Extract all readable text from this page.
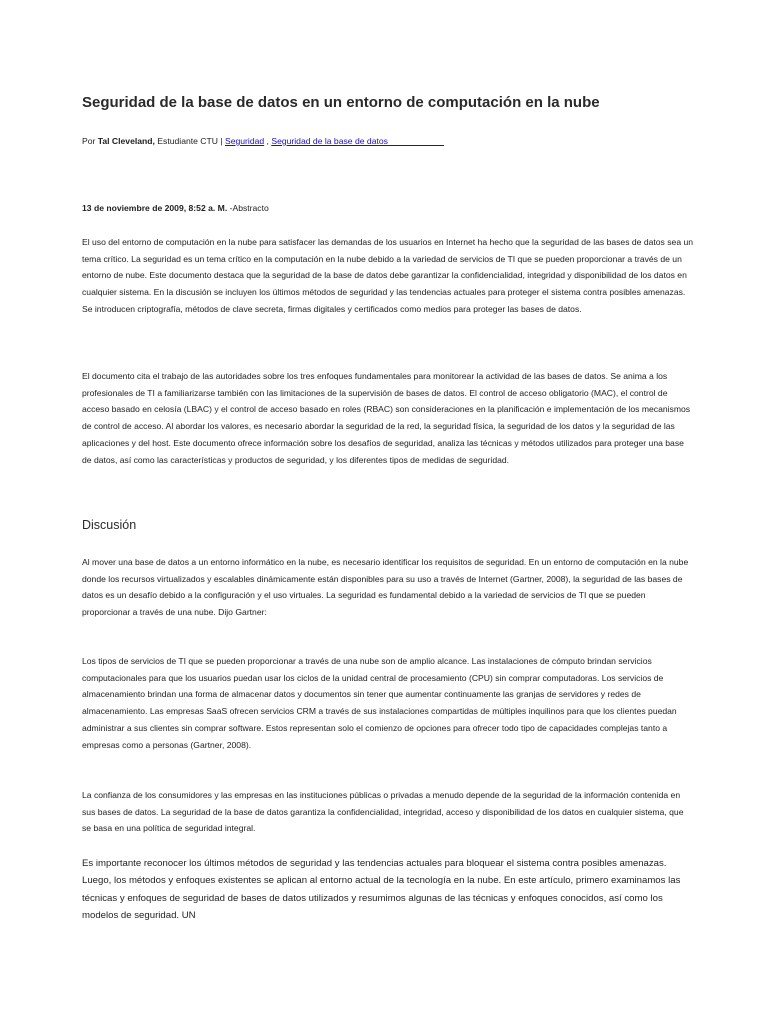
Seguridad de la base de datos en un entorno de computación en la nube
Por Tal Cleveland, Estudiante CTU | Seguridad , Seguridad de la base de datos
13 de noviembre de 2009, 8:52 a. M. -Abstracto

El uso del entorno de computación en la nube para satisfacer las demandas de los usuarios en Internet ha hecho que la seguridad de las bases de datos sea un tema crítico. La seguridad es un tema crítico en la computación en la nube debido a la variedad de servicios de TI que se pueden proporcionar a través de un entorno de nube. Este documento destaca que la seguridad de la base de datos debe garantizar la confidencialidad, integridad y disponibilidad de los datos en cualquier sistema. En la discusión se incluyen los últimos métodos de seguridad y las tendencias actuales para proteger el sistema contra posibles amenazas. Se introducen criptografía, métodos de clave secreta, firmas digitales y certificados como medios para proteger las bases de datos.

El documento cita el trabajo de las autoridades sobre los tres enfoques fundamentales para monitorear la actividad de las bases de datos. Se anima a los profesionales de TI a familiarizarse también con las limitaciones de la supervisión de bases de datos. El control de acceso obligatorio (MAC), el control de acceso basado en celosía (LBAC) y el control de acceso basado en roles (RBAC) son consideraciones en la planificación e implementación de los mecanismos de control de acceso. Al abordar los valores, es necesario abordar la seguridad de la red, la seguridad física, la seguridad de los datos y la seguridad de las aplicaciones y del host. Este documento ofrece información sobre los desafíos de seguridad, analiza las técnicas y métodos utilizados para proteger una base de datos, así como las características y productos de seguridad, y los diferentes tipos de medidas de seguridad.

Discusión

Al mover una base de datos a un entorno informático en la nube, es necesario identificar los requisitos de seguridad. En un entorno de computación en la nube donde los recursos virtualizados y escalables dinámicamente están disponibles para su uso a través de Internet (Gartner, 2008), la seguridad de las bases de datos es un desafío debido a la configuración y el uso virtuales. La seguridad es fundamental debido a la variedad de servicios de TI que se pueden proporcionar a través de una nube. Dijo Gartner:

Los tipos de servicios de TI que se pueden proporcionar a través de una nube son de amplio alcance. Las instalaciones de cómputo brindan servicios computacionales para que los usuarios puedan usar los ciclos de la unidad central de procesamiento (CPU) sin comprar computadoras. Los servicios de almacenamiento brindan una forma de almacenar datos y documentos sin tener que aumentar continuamente las granjas de servidores y redes de almacenamiento. Las empresas SaaS ofrecen servicios CRM a través de sus instalaciones compartidas de múltiples inquilinos para que los clientes puedan administrar a sus clientes sin comprar software. Estos representan solo el comienzo de opciones para ofrecer todo tipo de capacidades complejas tanto a empresas como a personas (Gartner, 2008).

La confianza de los consumidores y las empresas en las instituciones públicas o privadas a menudo depende de la seguridad de la información contenida en sus bases de datos. La seguridad de la base de datos garantiza la confidencialidad, integridad, acceso y disponibilidad de los datos en cualquier sistema, que se basa en una política de seguridad integral.

Es importante reconocer los últimos métodos de seguridad y las tendencias actuales para bloquear el sistema contra posibles amenazas. Luego, los métodos y enfoques existentes se aplican al entorno actual de la tecnología en la nube. En este artículo, primero examinamos las técnicas y enfoques de seguridad de bases de datos utilizados y resumimos algunas de las técnicas y enfoques conocidos, así como los modelos de seguridad. UN
